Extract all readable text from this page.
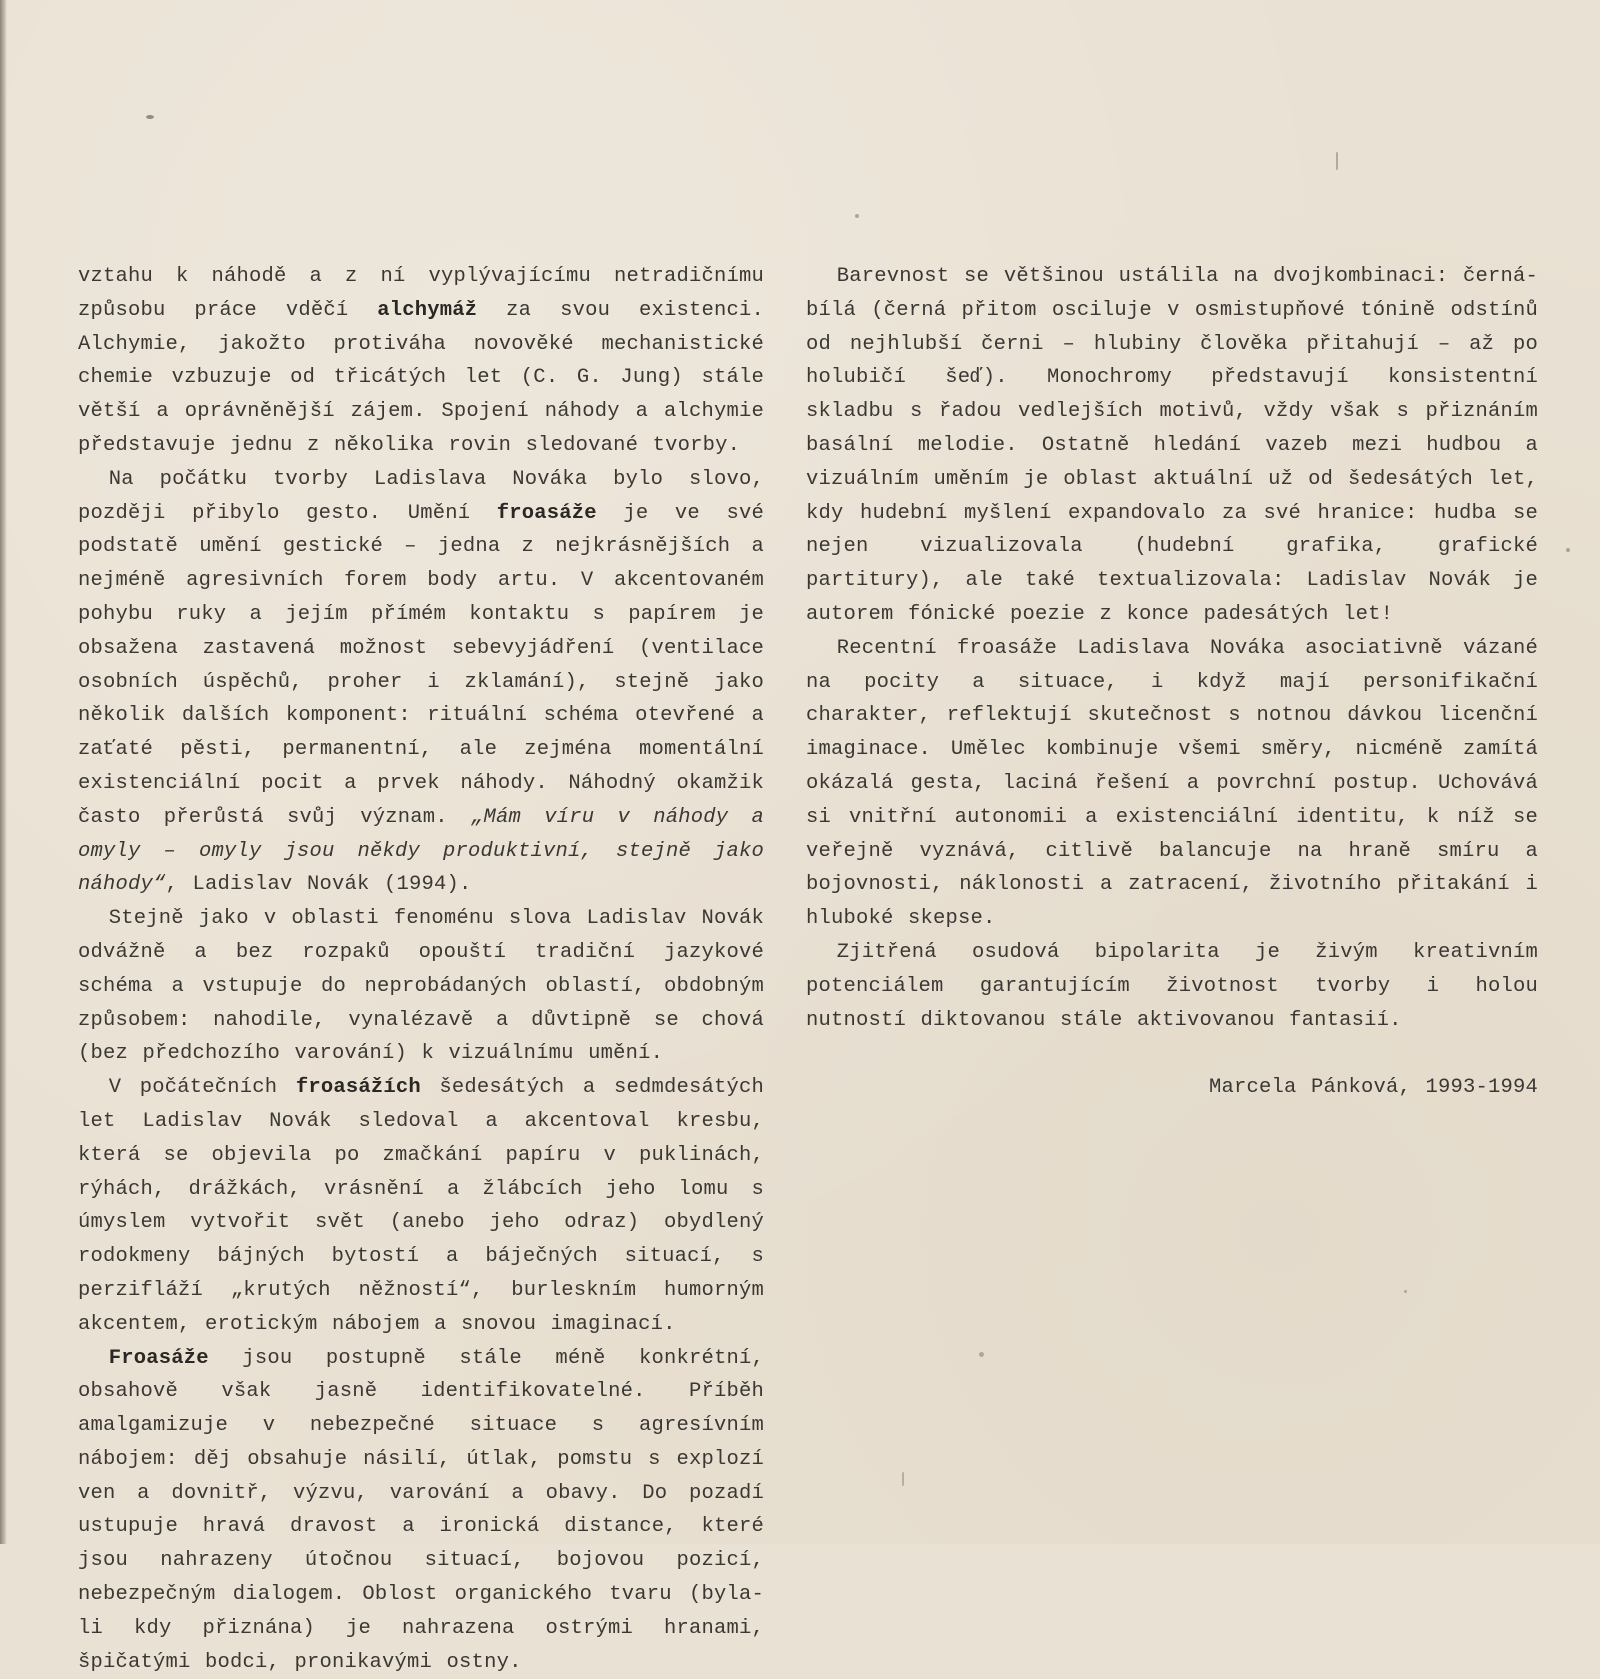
vztahu k náhodě a z ní vyplývajícímu netradičnímu způsobu práce vděčí alchymáž za svou existenci. Alchymie, jakožto protiváha novověké mechanistické chemie vzbuzuje od třicátých let (C. G. Jung) stále větší a oprávněnější zájem. Spojení náhody a alchymie představuje jednu z několika rovin sledované tvorby.

Na počátku tvorby Ladislava Nováka bylo slovo, později přibylo gesto. Umění froasáže je ve své podstatě umění gestické – jedna z nejkrásnějších a nejméně agresivních forem body artu. V akcentovaném pohybu ruky a jejím přímém kontaktu s papírem je obsažena zastavená možnost sebevyjádření (ventilace osobních úspěchů, proher i zklamání), stejně jako několik dalších komponent: rituální schéma otevřené a zaťaté pěsti, permanentní, ale zejména momentální existenciální pocit a prvek náhody. Náhodný okamžik často přerůstá svůj význam. „Mám víru v náhody a omyly – omyly jsou někdy produktivní, stejně jako náhody“, Ladislav Novák (1994).

Stejně jako v oblasti fenoménu slova Ladislav Novák odvážně a bez rozpaků opouští tradiční jazykové schéma a vstupuje do neprobádaných oblastí, obdobným způsobem: nahodile, vynalézavě a důvtipně se chová (bez předchozího varování) k vizuálnímu umění.

V počátečních froasážích šedesátých a sedmdesátých let Ladislav Novák sledoval a akcentoval kresbu, která se objevila po zmačkání papíru v puklinách, rýhách, drážkách, vrásnění a žlábcích jeho lomu s úmyslem vytvořit svět (anebo jeho odraz) obydlený rodokmeny bájných bytostí a báječných situací, s perzifláží „krutých něžností“, burleskním humorným akcentem, erotickým nábojem a snovou imaginací.

Froasáže jsou postupně stále méně konkrétní, obsahově však jasně identifikovatelné. Příběh amalgamizuje v nebezpečné situace s agresívním nábojem: děj obsahuje násilí, útlak, pomstu s explozí ven a dovnitř, výzvu, varování a obavy. Do pozadí ustupuje hravá dravost a ironická distance, které jsou nahrazeny útočnou situací, bojovou pozicí, nebezpečným dialogem. Oblost organického tvaru (byla-li kdy přiznána) je nahrazena ostrými hranami, špičatými bodci, pronikavými ostny.

Barevnost se většinou ustálila na dvojkombinaci: černá-bílá (černá přitom osciluje v osmistupňové tónině odstínů od nejhlubší černi – hlubiny člověka přitahují – až po holubičí šeď). Monochromy představují konsistentní skladbu s řadou vedlejších motivů, vždy však s přiznáním basální melodie. Ostatně hledání vazeb mezi hudbou a vizuálním uměním je oblast aktuální už od šedesátých let, kdy hudební myšlení expandovalo za své hranice: hudba se nejen vizualizovala (hudební grafika, grafické partitury), ale také textualizovala: Ladislav Novák je autorem fónické poezie z konce padesátých let!

Recentní froasáže Ladislava Nováka asociativně vázané na pocity a situace, i když mají personifikační charakter, reflektují skutečnost s notnou dávkou licenční imaginace. Umělec kombinuje všemi směry, nicméně zamítá okázalá gesta, laciná řešení a povrchní postup. Uchovává si vnitřní autonomii a existenciální identitu, k níž se veřejně vyznává, citlivě balancuje na hraně smíru a bojovnosti, náklonosti a zatracení, životního přitakání i hluboké skepse.

Zjitřená osudová bipolarita je živým kreativním potenciálem garantujícím životnost tvorby i holou nutností diktovanou stále aktivovanou fantasií.

Marcela Pánková, 1993-1994
